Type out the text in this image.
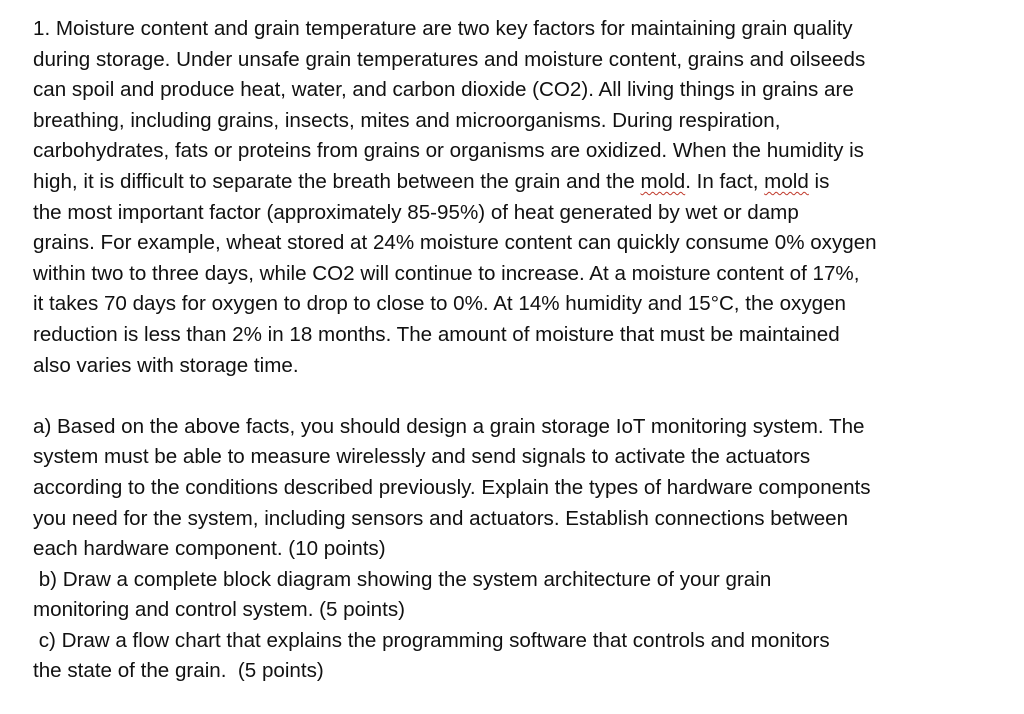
1. Moisture content and grain temperature are two key factors for maintaining grain quality
during storage. Under unsafe grain temperatures and moisture content, grains and oilseeds
can spoil and produce heat, water, and carbon dioxide (CO2). All living things in grains are
breathing, including grains, insects, mites and microorganisms. During respiration,
carbohydrates, fats or proteins from grains or organisms are oxidized. When the humidity is
high, it is difficult to separate the breath between the grain and the mold. In fact, mold is
the most important factor (approximately 85-95%) of heat generated by wet or damp
grains. For example, wheat stored at 24% moisture content can quickly consume 0% oxygen
within two to three days, while CO2 will continue to increase. At a moisture content of 17%,
it takes 70 days for oxygen to drop to close to 0%. At 14% humidity and 15°C, the oxygen
reduction is less than 2% in 18 months. The amount of moisture that must be maintained
also varies with storage time.
a) Based on the above facts, you should design a grain storage IoT monitoring system. The
system must be able to measure wirelessly and send signals to activate the actuators
according to the conditions described previously. Explain the types of hardware components
you need for the system, including sensors and actuators. Establish connections between
each hardware component. (10 points)
b) Draw a complete block diagram showing the system architecture of your grain
monitoring and control system. (5 points)
c) Draw a flow chart that explains the programming software that controls and monitors
the state of the grain.  (5 points)
